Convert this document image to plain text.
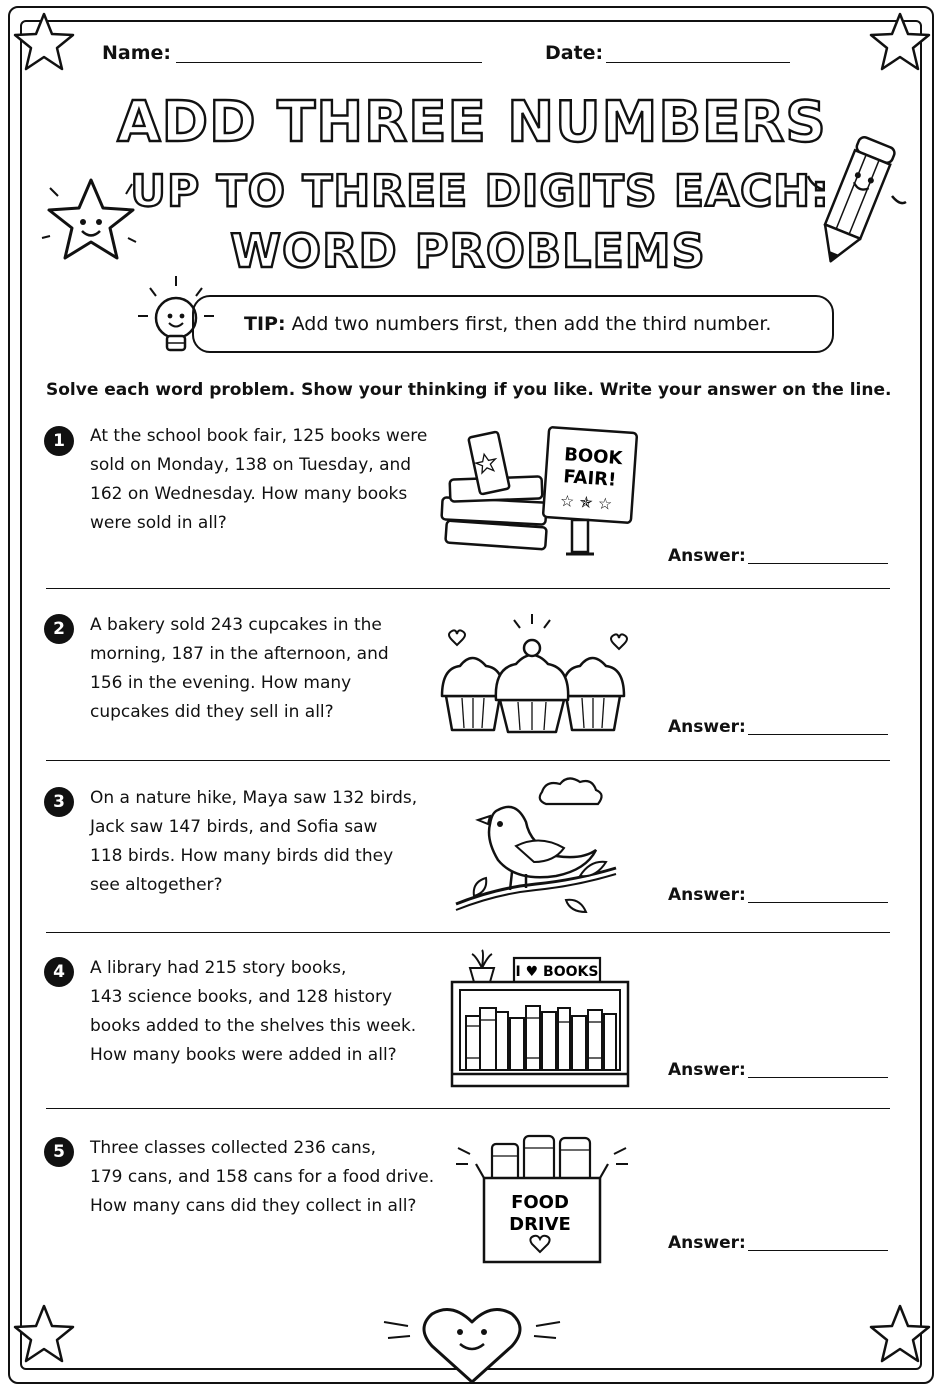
Name:	Date:
ADD THREE NUMBERS
UP TO THREE DIGITS EACH:
WORD PROBLEMS
TIP: Add two numbers first, then add the third number.
Solve each word problem. Show your thinking if you like. Write your answer on the line.
1	At the school book fair, 125 books were
sold on Monday, 138 on Tuesday, and
162 on Wednesday. How many books
were sold in all?
BOOK
FAIR!
☆ ✯ ☆
Answer:
2	A bakery sold 243 cupcakes in the
morning, 187 in the afternoon, and
156 in the evening. How many
cupcakes did they sell in all?
Answer:
3	On a nature hike, Maya saw 132 birds,
Jack saw 147 birds, and Sofia saw
118 birds. How many birds did they
see altogether?	Answer:
4	A library had 215 story books,
143 science books, and 128 history
books added to the shelves this week.
How many books were added in all?
I ♥ BOOKS
Answer:
5	Three classes collected 236 cans,
179 cans, and 158 cans for a food drive.
How many cans did they collect in all?	FOOD
DRIVE
Answer:
